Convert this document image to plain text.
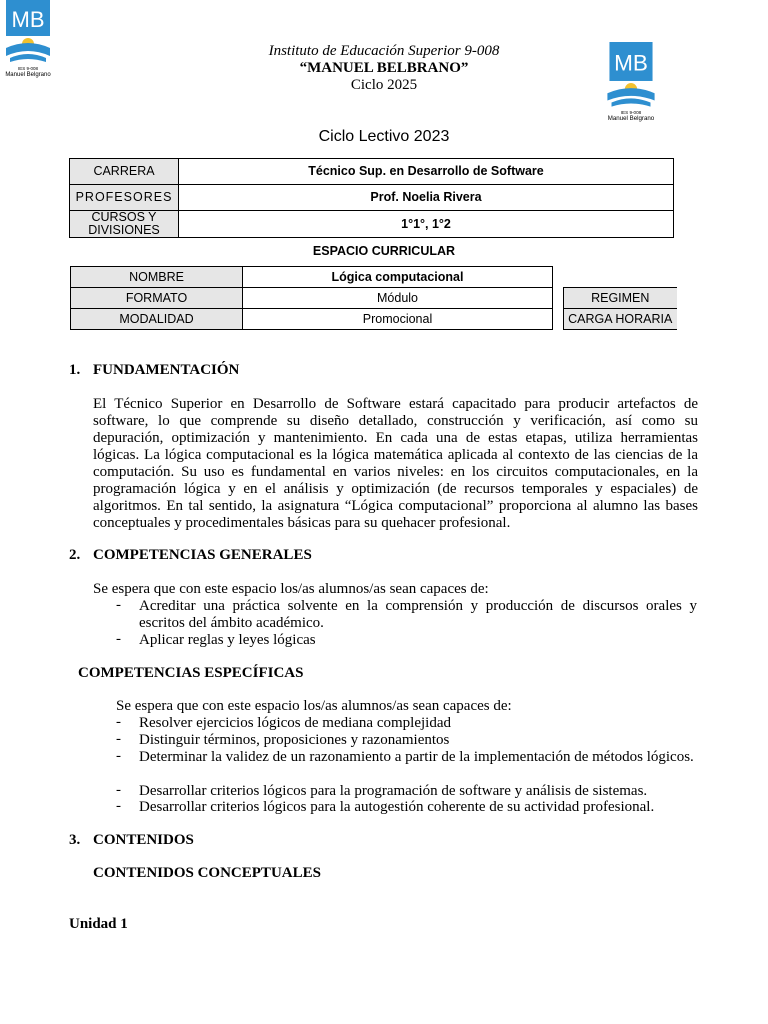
MB
IES 9-008
Manuel Belgrano	MB
IES 9-008
Manuel Belgrano
Instituto de Educación Superior 9-008
“MANUEL BELBRANO”
Ciclo 2025
Ciclo Lectivo 2023
CARRERA	Técnico Sup. en Desarrollo de Software
PROFESORES	Prof. Noelia Rivera
CURSOS Y DIVISIONES	1°1°, 1°2
ESPACIO CURRICULAR
NOMBRE	Lógica computacional		
FORMATO	Módulo		REGIMEN
MODALIDAD	Promocional		CARGA HORARIA
1. FUNDAMENTACIÓN
El Técnico Superior en Desarrollo de Software estará capacitado para producir artefactos de software, lo que comprende su diseño detallado, construcción y verificación, así como su depuración, optimización y mantenimiento. En cada una de estas etapas, utiliza herramientas lógicas. La lógica computacional es la lógica matemática aplicada al contexto de las ciencias de la computación. Su uso es fundamental en varios niveles: en los circuitos computacionales, en la programación lógica y en el análisis y optimización (de recursos temporales y espaciales) de algoritmos. En tal sentido, la asignatura “Lógica computacional” proporciona al alumno las bases conceptuales y procedimentales básicas para su quehacer profesional.
2. COMPETENCIAS GENERALES
Se espera que con este espacio los/as alumnos/as sean capaces de:
- Acreditar una práctica solvente en la comprensión y producción de discursos orales y escritos del ámbito académico.
- Aplicar reglas y leyes lógicas
COMPETENCIAS ESPECÍFICAS
Se espera que con este espacio los/as alumnos/as sean capaces de:
- Resolver ejercicios lógicos de mediana complejidad
- Distinguir términos, proposiciones y razonamientos
- Determinar la validez de un razonamiento a partir de la implementación de métodos lógicos.
- Desarrollar criterios lógicos para la programación de software y análisis de sistemas.
- Desarrollar criterios lógicos para la autogestión coherente de su actividad profesional.
3. CONTENIDOS
CONTENIDOS CONCEPTUALES
Unidad 1
